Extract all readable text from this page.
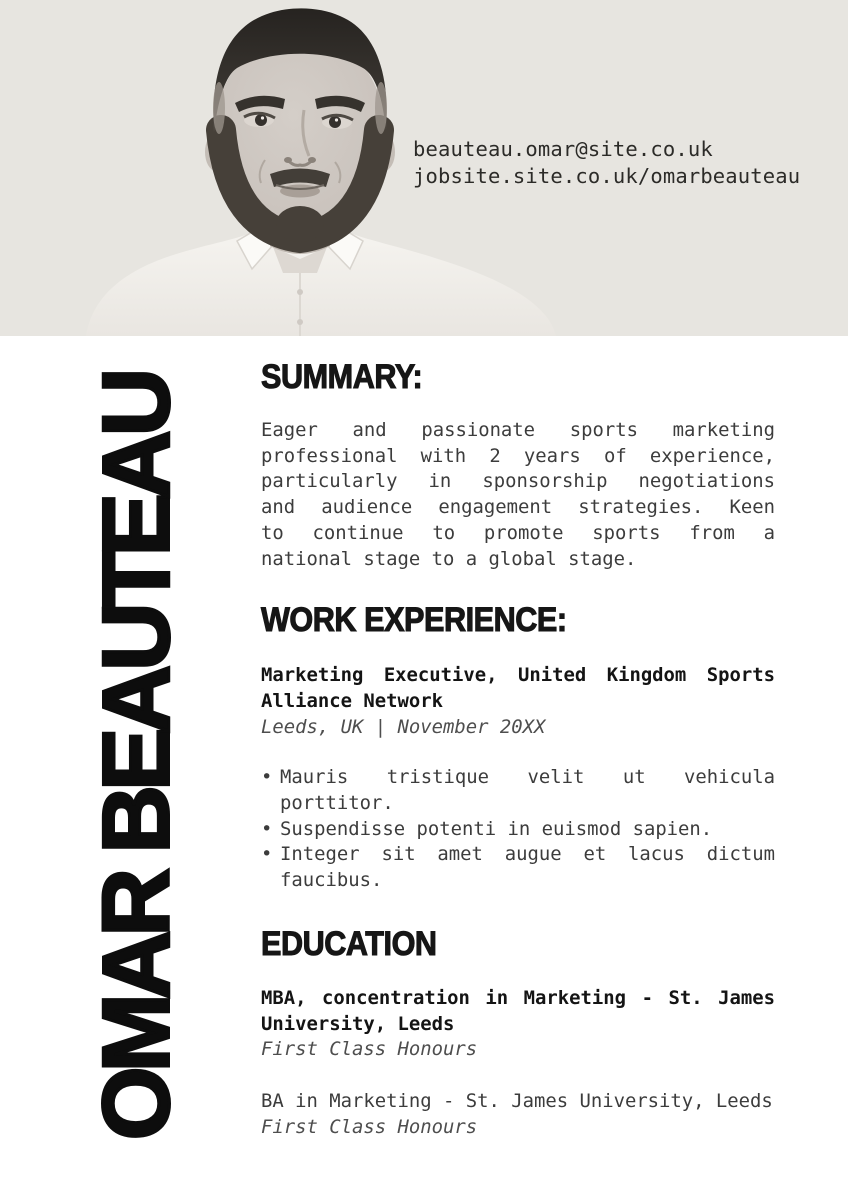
beauteau.omar@site.co.uk
jobsite.site.co.uk/omarbeauteau
OMAR BEAUTEAU SUMMARY:
Eager and passionate sports marketing
professional with 2 years of experience,
particularly in sponsorship negotiations
and audience engagement strategies. Keen
to continue to promote sports from a
national stage to a global stage.
WORK EXPERIENCE:
Marketing Executive, United Kingdom Sports
Alliance Network
Leeds, UK | November 20XX
• Mauris tristique velit ut vehicula
porttitor.
• Suspendisse potenti in euismod sapien.
• Integer sit amet augue et lacus dictum
faucibus.
EDUCATION
MBA, concentration in Marketing - St. James
University, Leeds
First Class Honours
BA in Marketing - St. James University, Leeds
First Class Honours
